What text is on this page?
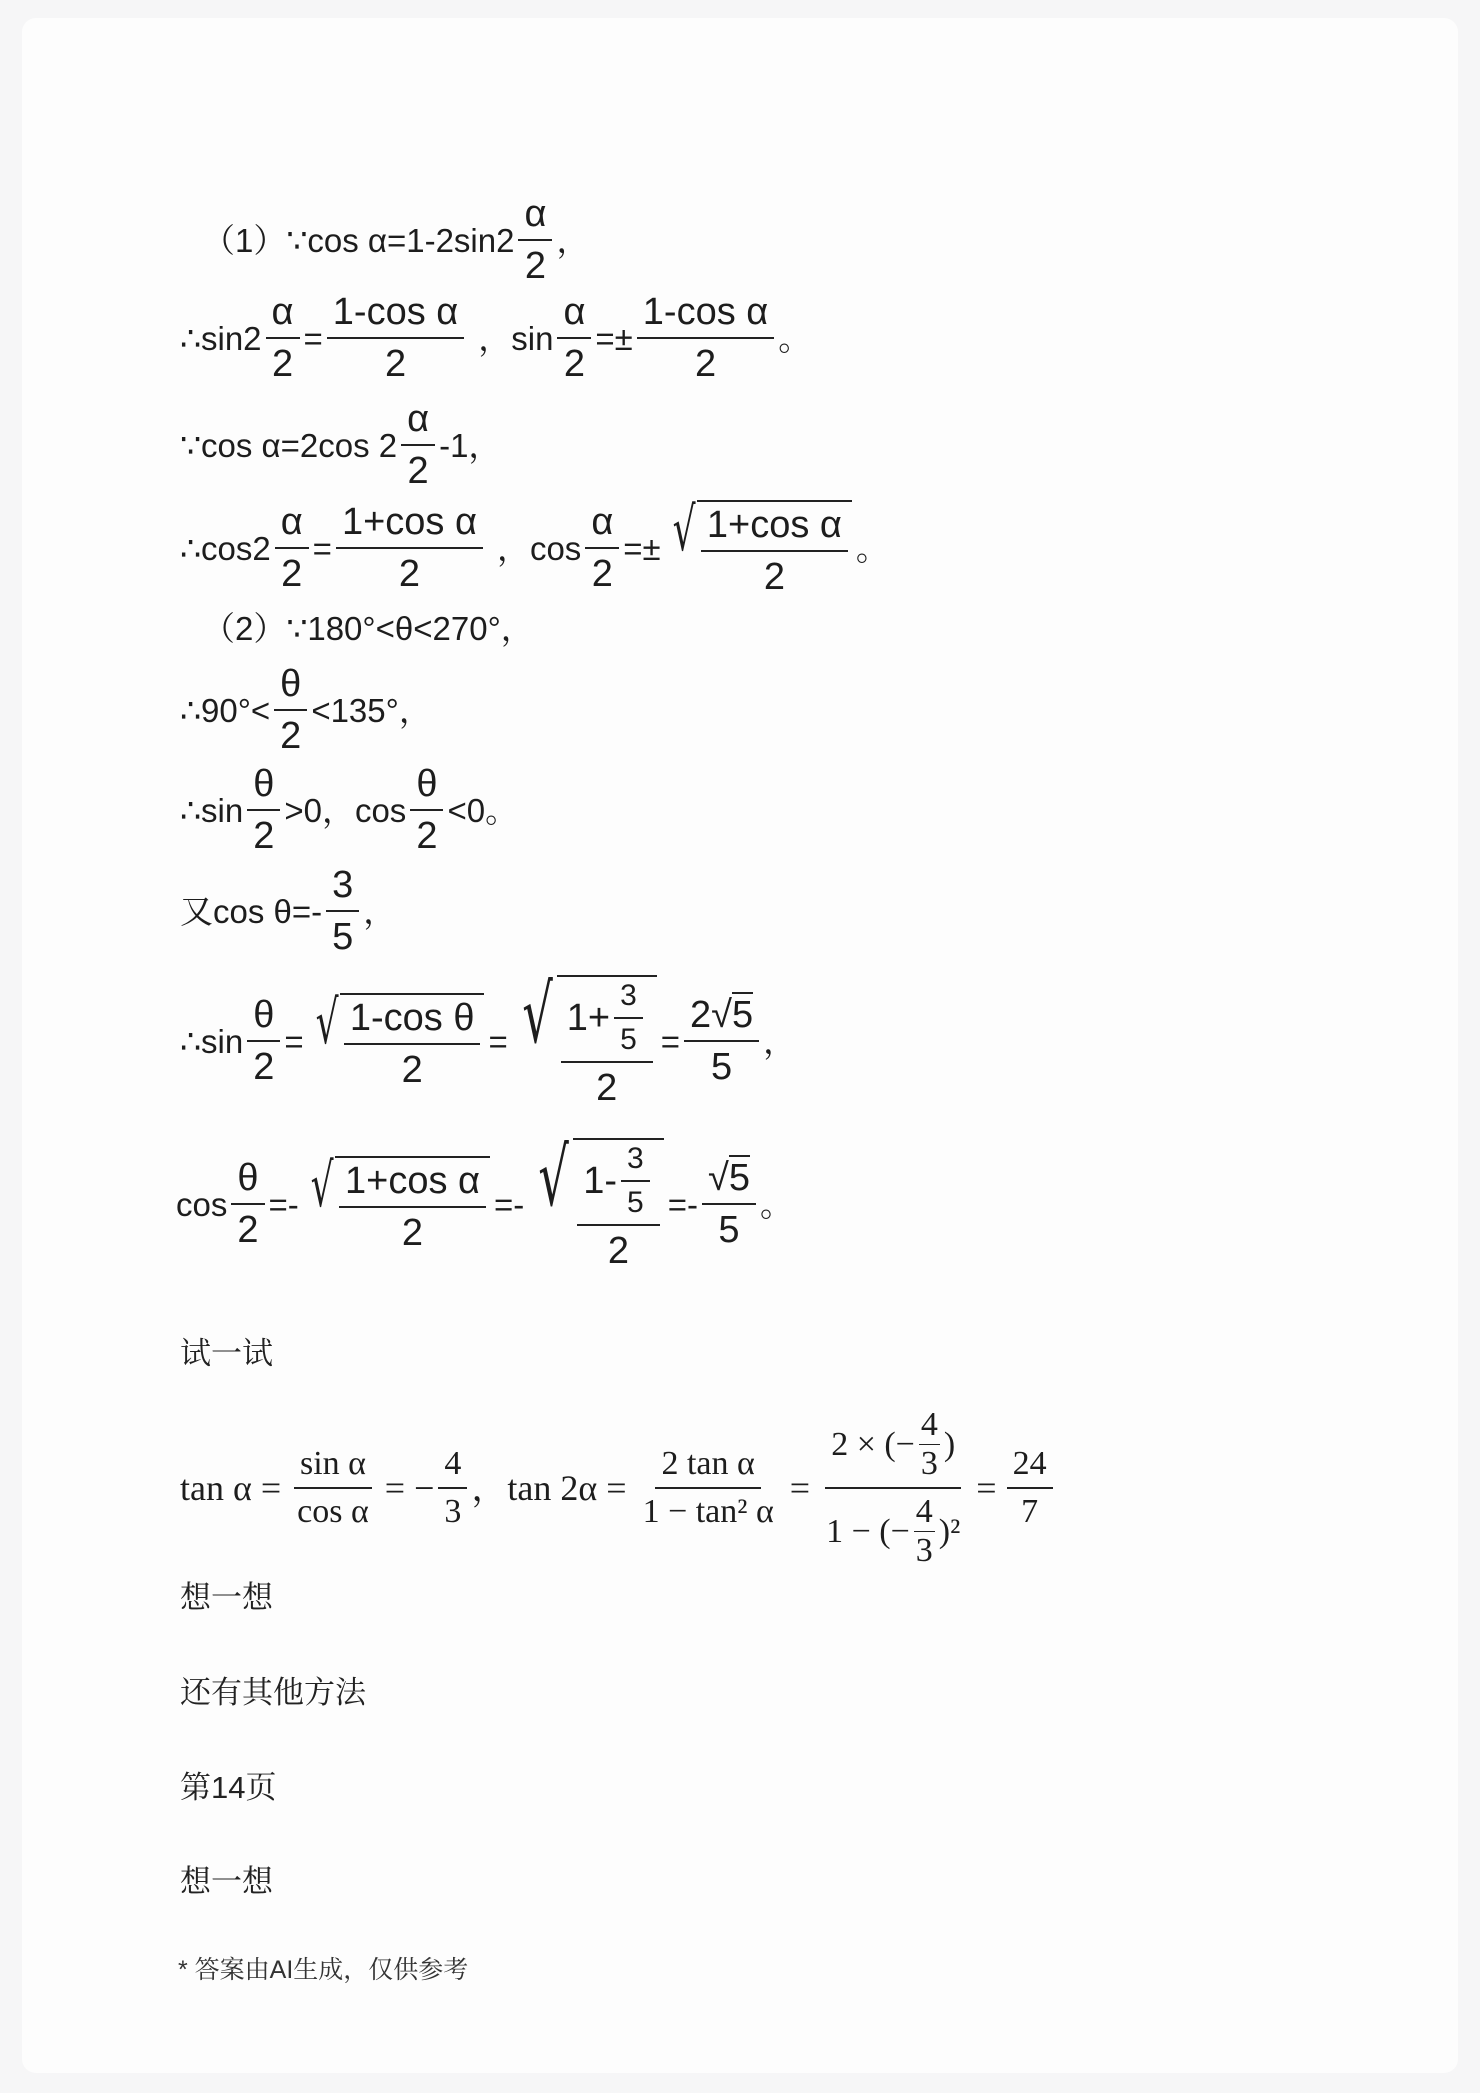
（1） ∵cos $\alpha=1-2\sin 2 \frac{\alpha}{2}$ ，
∴sin2 $\frac{\alpha}{2} = \frac{\text{1-cos α}}{2}$ ，$\sin \frac{\alpha}{2} =\pm \frac{\text{1-cos α}}{2}$ 。
∵cos α=2cos $2 \frac{\alpha}{2} -1$，
∴cos2 $\frac{\alpha}{2} = \frac{\text{1+cos α}}{2}$ ，$\cos \frac{\alpha}{2}$ =± √ $\frac{\text{1+cos α}}{2}$ 。
（2） ∵180°<θ<270°，
∴90°< $\frac{\theta}{2} <135^\circ$，
∴sin $\frac{\theta}{2} >0$，$\cos \frac{\theta}{2} <0$。
又$\cos \theta=- \frac{3}{5}$ ，
∴sin $\frac{\theta}{2}$ = √ $\frac{\text{1-cos θ}}{2}$ = √ $\frac{1+ \frac{3}{5}}{2} = \frac{2√5}{5}$ ，
$\cos \frac{\theta}{2}$ =- √ $\frac{\text{1+cos α}}{2}$ =- √ $\frac{1- \frac{3}{5}}{2} =- \frac{√5}{5}$ 。
试一试
$\tan \alpha = \frac{\text{sin α}}{\text{cos α}}$ = − $\frac{4}{3}$ ，$\tan 2\alpha = \frac{\text{2 tan α}}{\text{1 − tan² α}} = \frac{2 \times (- \frac{4}{3} )}{1 - (- \frac{4}{3} )^2} = \frac{24}{7}$
想一想
还有其他方法
第14页
想一想
* 答案由AI生成，仅供参考
